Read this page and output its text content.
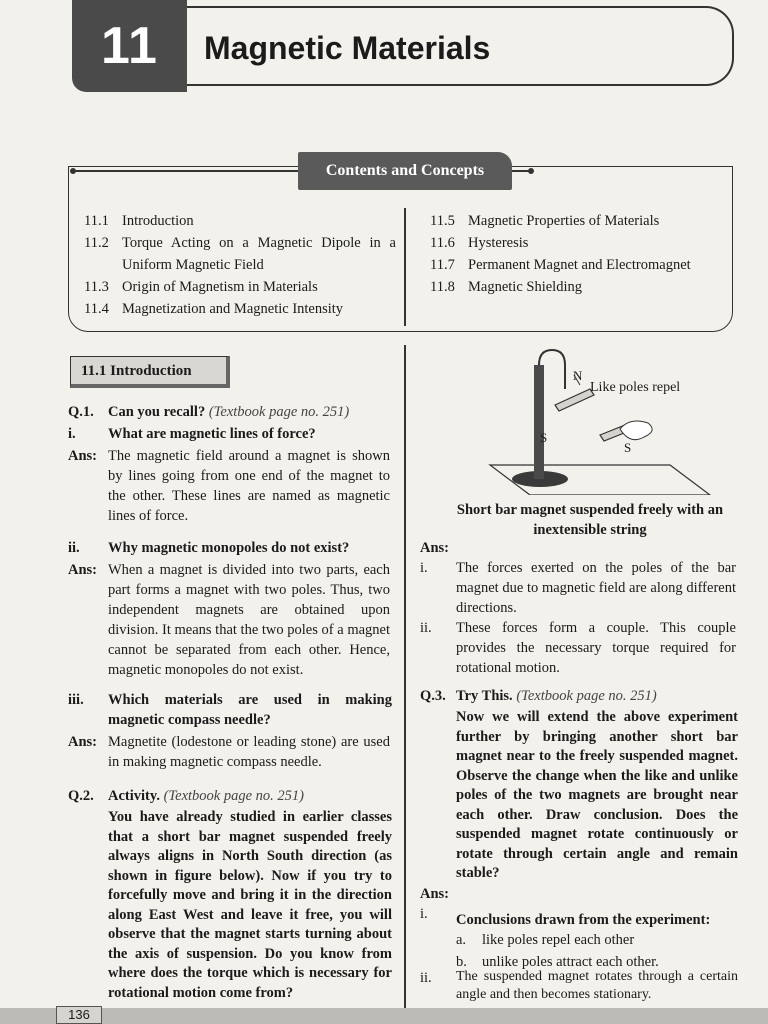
11	Magnetic Materials
Contents and Concepts
11.1 Introduction
11.2 Torque Acting on a Magnetic Dipole in a Uniform Magnetic Field
11.3 Origin of Magnetism in Materials
11.4 Magnetization and Magnetic Intensity
11.5 Magnetic Properties of Materials
11.6 Hysteresis
11.7 Permanent Magnet and Electromagnet
11.8 Magnetic Shielding
11.1 Introduction
Q.1. Can you recall? (Textbook page no. 251)
i. What are magnetic lines of force?
Ans: The magnetic field around a magnet is shown by lines going from one end of the magnet to the other. These lines are named as magnetic lines of force.
ii. Why magnetic monopoles do not exist?
Ans: When a magnet is divided into two parts, each part forms a magnet with two poles. Thus, two independent magnets are obtained upon division. It means that the two poles of a magnet cannot be separated from each other. Hence, magnetic monopoles do not exist.
iii. Which materials are used in making magnetic compass needle?
Ans: Magnetite (lodestone or leading stone) are used in making magnetic compass needle.
Q.2. Activity. (Textbook page no. 251)
You have already studied in earlier classes that a short bar magnet suspended freely always aligns in North South direction (as shown in figure below). Now if you try to forcefully move and bring it in the direction along East West and leave it free, you will observe that the magnet starts turning about the axis of suspension. Do you know from where does the torque which is necessary for rotational motion come from?
N
S
S
Like poles repel
Short bar magnet suspended freely with an inextensible string
Ans:
i. The forces exerted on the poles of the bar magnet due to magnetic field are along different directions.
ii. These forces form a couple. This couple provides the necessary torque required for rotational motion.
Q.3. Try This. (Textbook page no. 251)
Now we will extend the above experiment further by bringing another short bar magnet near to the freely suspended magnet. Observe the change when the like and unlike poles of the two magnets are brought near each other. Draw conclusion. Does the suspended magnet rotate continuously or rotate through certain angle and remain stable?
Ans:
i. Conclusions drawn from the experiment:
a. like poles repel each other
b. unlike poles attract each other.
ii. The suspended magnet rotates through a certain angle and then becomes stationary.
136
